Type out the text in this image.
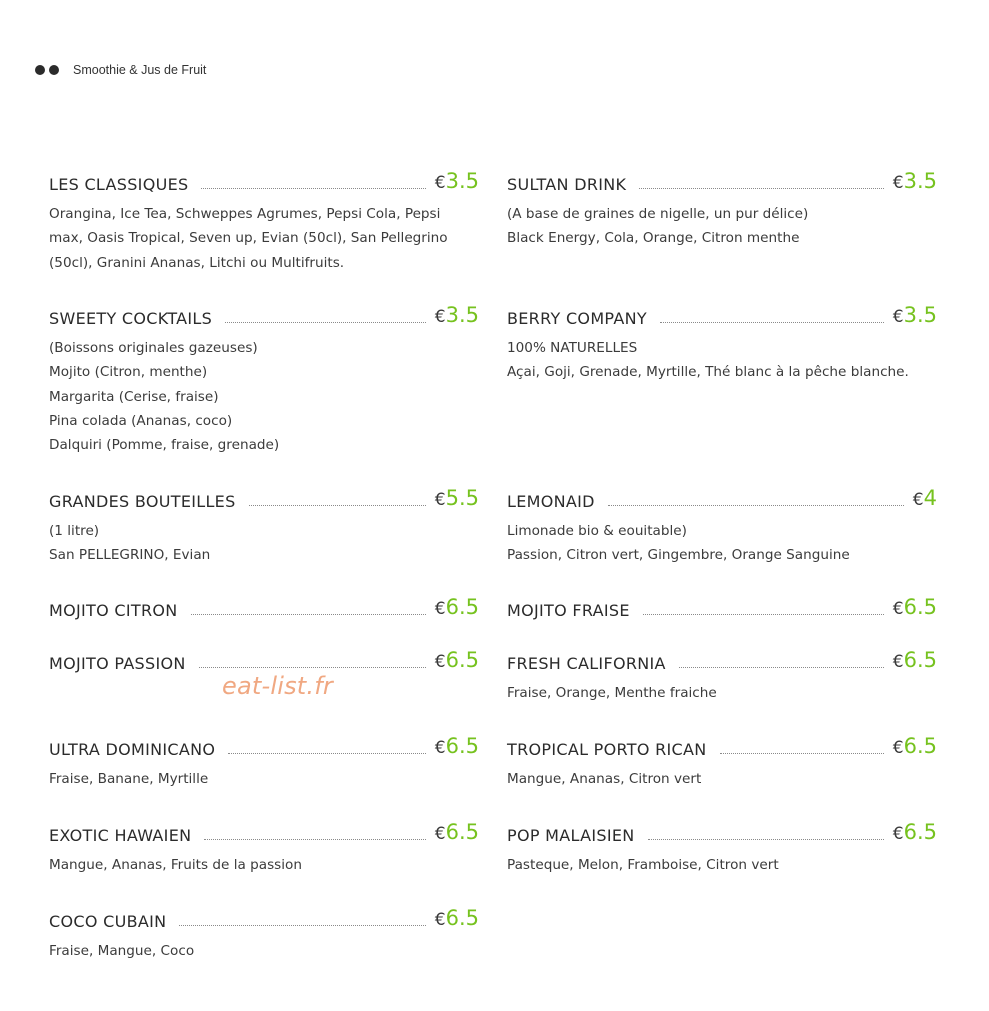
Smoothie & Jus de Fruit
LES CLASSIQUES	€3.5
Orangina, Ice Tea, Schweppes Agrumes, Pepsi Cola, Pepsi
max, Oasis Tropical, Seven up, Evian (50cl), San Pellegrino
(50cl), Granini Ananas, Litchi ou Multifruits.
SWEETY COCKTAILS	€3.5
(Boissons originales gazeuses)
Mojito (Citron, menthe)
Margarita (Cerise, fraise)
Pina colada (Ananas, coco)
Dalquiri (Pomme, fraise, grenade)
GRANDES BOUTEILLES	€5.5
(1 litre)
San PELLEGRINO, Evian
MOJITO CITRON	€6.5
MOJITO PASSION	€6.5
ULTRA DOMINICANO	€6.5
Fraise, Banane, Myrtille
EXOTIC HAWAIEN	€6.5
Mangue, Ananas, Fruits de la passion
COCO CUBAIN	€6.5
Fraise, Mangue, Coco
SULTAN DRINK	€3.5
(A base de graines de nigelle, un pur délice)
Black Energy, Cola, Orange, Citron menthe
BERRY COMPANY	€3.5
100% NATURELLES
Açai, Goji, Grenade, Myrtille, Thé blanc à la pêche blanche.
LEMONAID	€4
Limonade bio & eouitable)
Passion, Citron vert, Gingembre, Orange Sanguine
MOJITO FRAISE	€6.5
FRESH CALIFORNIA	€6.5
Fraise, Orange, Menthe fraiche
TROPICAL PORTO RICAN	€6.5
Mangue, Ananas, Citron vert
POP MALAISIEN	€6.5
Pasteque, Melon, Framboise, Citron vert
eat-list.fr
